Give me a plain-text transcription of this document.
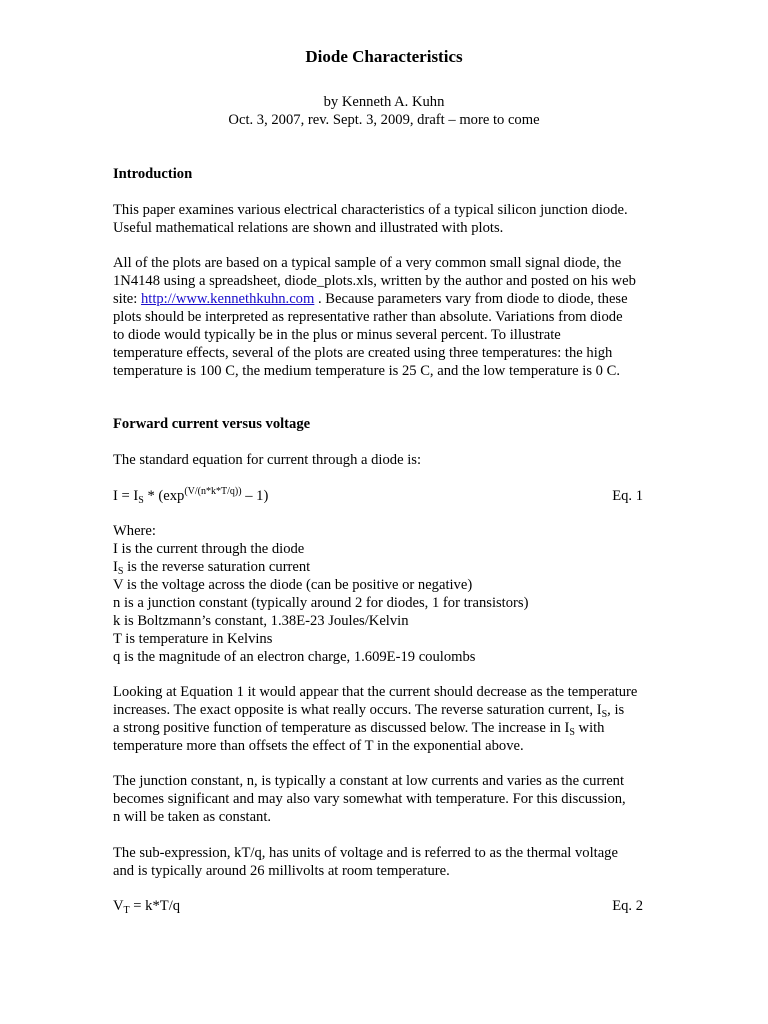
Diode Characteristics
by Kenneth A. Kuhn
Oct. 3, 2007, rev. Sept. 3, 2009, draft – more to come
Introduction
This paper examines various electrical characteristics of a typical silicon junction diode.
Useful mathematical relations are shown and illustrated with plots.
All of the plots are based on a typical sample of a very common small signal diode, the
1N4148 using a spreadsheet, diode_plots.xls, written by the author and posted on his web
site: http://www.kennethkuhn.com . Because parameters vary from diode to diode, these
plots should be interpreted as representative rather than absolute. Variations from diode
to diode would typically be in the plus or minus several percent. To illustrate
temperature effects, several of the plots are created using three temperatures: the high
temperature is 100 C, the medium temperature is 25 C, and the low temperature is 0 C.
Forward current versus voltage
The standard equation for current through a diode is:
$I = I_S * (\exp^{(V/(n*k*T/q))} - 1)$	Eq. 1
Where:
I is the current through the diode
$I_S$ is the reverse saturation current
V is the voltage across the diode (can be positive or negative)
n is a junction constant (typically around 2 for diodes, 1 for transistors)
k is Boltzmann’s constant, 1.38E-23 Joules/Kelvin
T is temperature in Kelvins
q is the magnitude of an electron charge, 1.609E-19 coulombs
Looking at Equation 1 it would appear that the current should decrease as the temperature
increases. The exact opposite is what really occurs. The reverse saturation current, $I_S$, is
a strong positive function of temperature as discussed below. The increase in $I_S$ with
temperature more than offsets the effect of T in the exponential above.
The junction constant, n, is typically a constant at low currents and varies as the current
becomes significant and may also vary somewhat with temperature. For this discussion,
n will be taken as constant.
The sub-expression, kT/q, has units of voltage and is referred to as the thermal voltage
and is typically around 26 millivolts at room temperature.
$V_T = k*T/q$	Eq. 2
